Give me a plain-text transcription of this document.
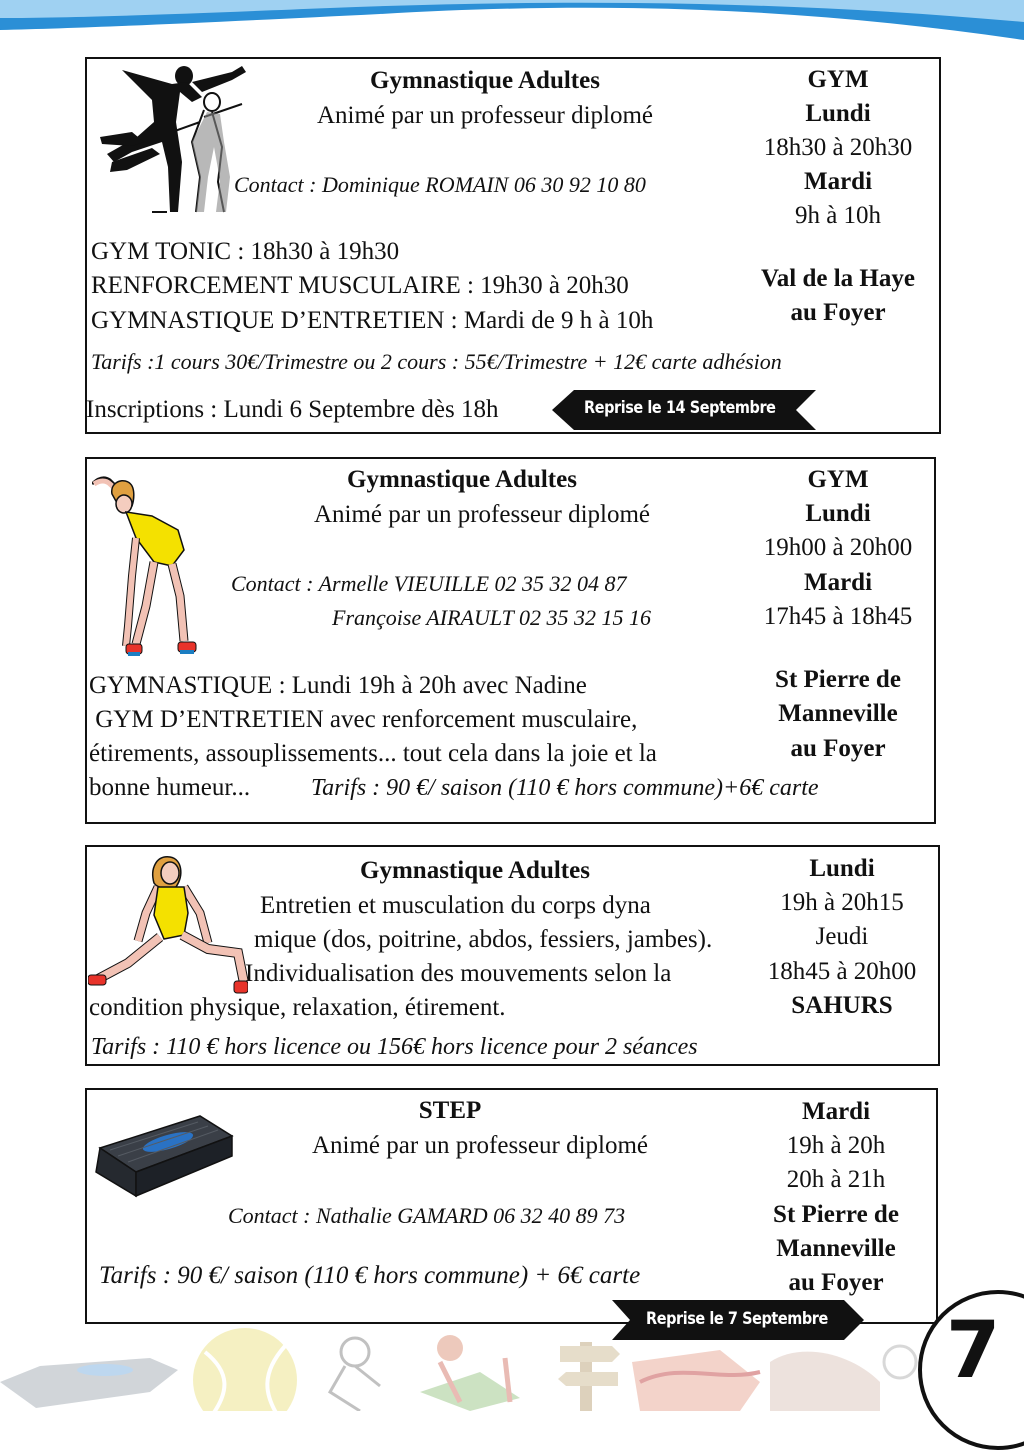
Gymnastique Adultes
Animé par un professeur diplomé
Contact : Dominique ROMAIN 06 30 92 10 80
GYM
Lundi
18h30 à 20h30
Mardi
9h à 10h
GYM TONIC : 18h30 à 19h30
RENFORCEMENT MUSCULAIRE : 19h30 à 20h30
GYMNASTIQUE D’ENTRETIEN : Mardi de 9 h à 10h
Val de la Haye
au Foyer
Tarifs :1 cours 30€/Trimestre ou 2 cours : 55€/Trimestre + 12€ carte adhésion
Inscriptions : Lundi 6 Septembre dès 18h	Reprise le 14 Septembre
Gymnastique Adultes
Animé par un professeur diplomé
Contact : Armelle VIEUILLE 02 35 32 04 87
Françoise AIRAULT 02 35 32 15 16
GYM
Lundi
19h00 à 20h00
Mardi
17h45 à 18h45
GYMNASTIQUE : Lundi 19h à 20h avec Nadine
GYM D’ENTRETIEN avec renforcement musculaire,
étirements, assouplissements... tout cela dans la joie et la
bonne humeur...	Tarifs : 90 €/ saison (110 € hors commune)+6€ carte
St Pierre de
Manneville
au Foyer
Gymnastique Adultes
Entretien et musculation du corps dyna
mique (dos, poitrine, abdos, fessiers, jambes).
Individualisation des mouvements selon la
condition physique, relaxation, étirement.
Lundi
19h à 20h15
Jeudi
18h45 à 20h00
SAHURS
Tarifs : 110 € hors licence ou 156€ hors licence pour 2 séances
STEP
Animé par un professeur diplomé
Contact : Nathalie GAMARD 06 32 40 89 73
Tarifs : 90 €/ saison (110 € hors commune) + 6€ carte
Mardi
19h à 20h
20h à 21h
St Pierre de
Manneville
au Foyer
Reprise le 7 Septembre 7
